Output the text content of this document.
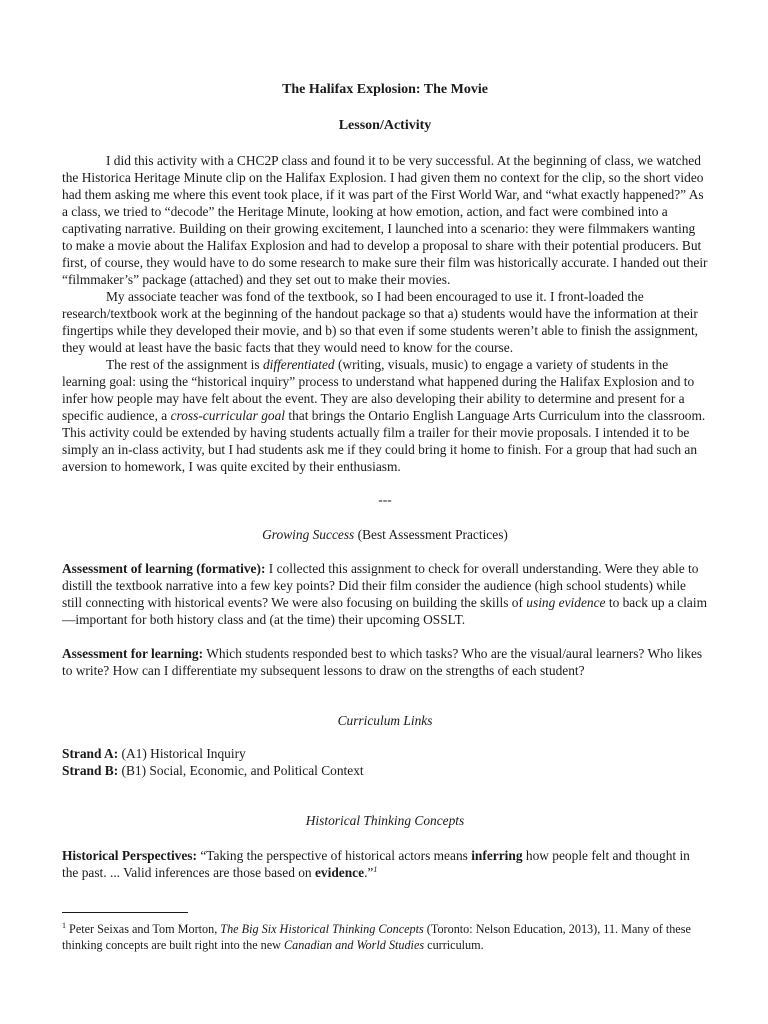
The Halifax Explosion: The Movie
Lesson/Activity

I did this activity with a CHC2P class and found it to be very successful. At the beginning of class, we watched the Historica Heritage Minute clip on the Halifax Explosion. I had given them no context for the clip, so the short video had them asking me where this event took place, if it was part of the First World War, and “what exactly happened?” As a class, we tried to “decode” the Heritage Minute, looking at how emotion, action, and fact were combined into a captivating narrative. Building on their growing excitement, I launched into a scenario: they were filmmakers wanting to make a movie about the Halifax Explosion and had to develop a proposal to share with their potential producers. But first, of course, they would have to do some research to make sure their film was historically accurate. I handed out their “filmmaker’s” package (attached) and they set out to make their movies.

My associate teacher was fond of the textbook, so I had been encouraged to use it. I front-loaded the research/textbook work at the beginning of the handout package so that a) students would have the information at their fingertips while they developed their movie, and b) so that even if some students weren’t able to finish the assignment, they would at least have the basic facts that they would need to know for the course.

The rest of the assignment is differentiated (writing, visuals, music) to engage a variety of students in the learning goal: using the “historical inquiry” process to understand what happened during the Halifax Explosion and to infer how people may have felt about the event. They are also developing their ability to determine and present for a specific audience, a cross-curricular goal that brings the Ontario English Language Arts Curriculum into the classroom. This activity could be extended by having students actually film a trailer for their movie proposals. I intended it to be simply an in-class activity, but I had students ask me if they could bring it home to finish. For a group that had such an aversion to homework, I was quite excited by their enthusiasm.

---
Growing Success (Best Assessment Practices)

Assessment of learning (formative): I collected this assignment to check for overall understanding. Were they able to distill the textbook narrative into a few key points? Did their film consider the audience (high school students) while still connecting with historical events? We were also focusing on building the skills of using evidence to back up a claim—important for both history class and (at the time) their upcoming OSSLT.

Assessment for learning: Which students responded best to which tasks? Who are the visual/aural learners? Who likes to write? How can I differentiate my subsequent lessons to draw on the strengths of each student?

Curriculum Links
Strand A: (A1) Historical Inquiry
Strand B: (B1) Social, Economic, and Political Context
Historical Thinking Concepts

Historical Perspectives: “Taking the perspective of historical actors means inferring how people felt and thought in the past. ... Valid inferences are those based on evidence.”$^1$

$^1$ Peter Seixas and Tom Morton, The Big Six Historical Thinking Concepts (Toronto: Nelson Education, 2013), 11. Many of these thinking concepts are built right into the new Canadian and World Studies curriculum.
